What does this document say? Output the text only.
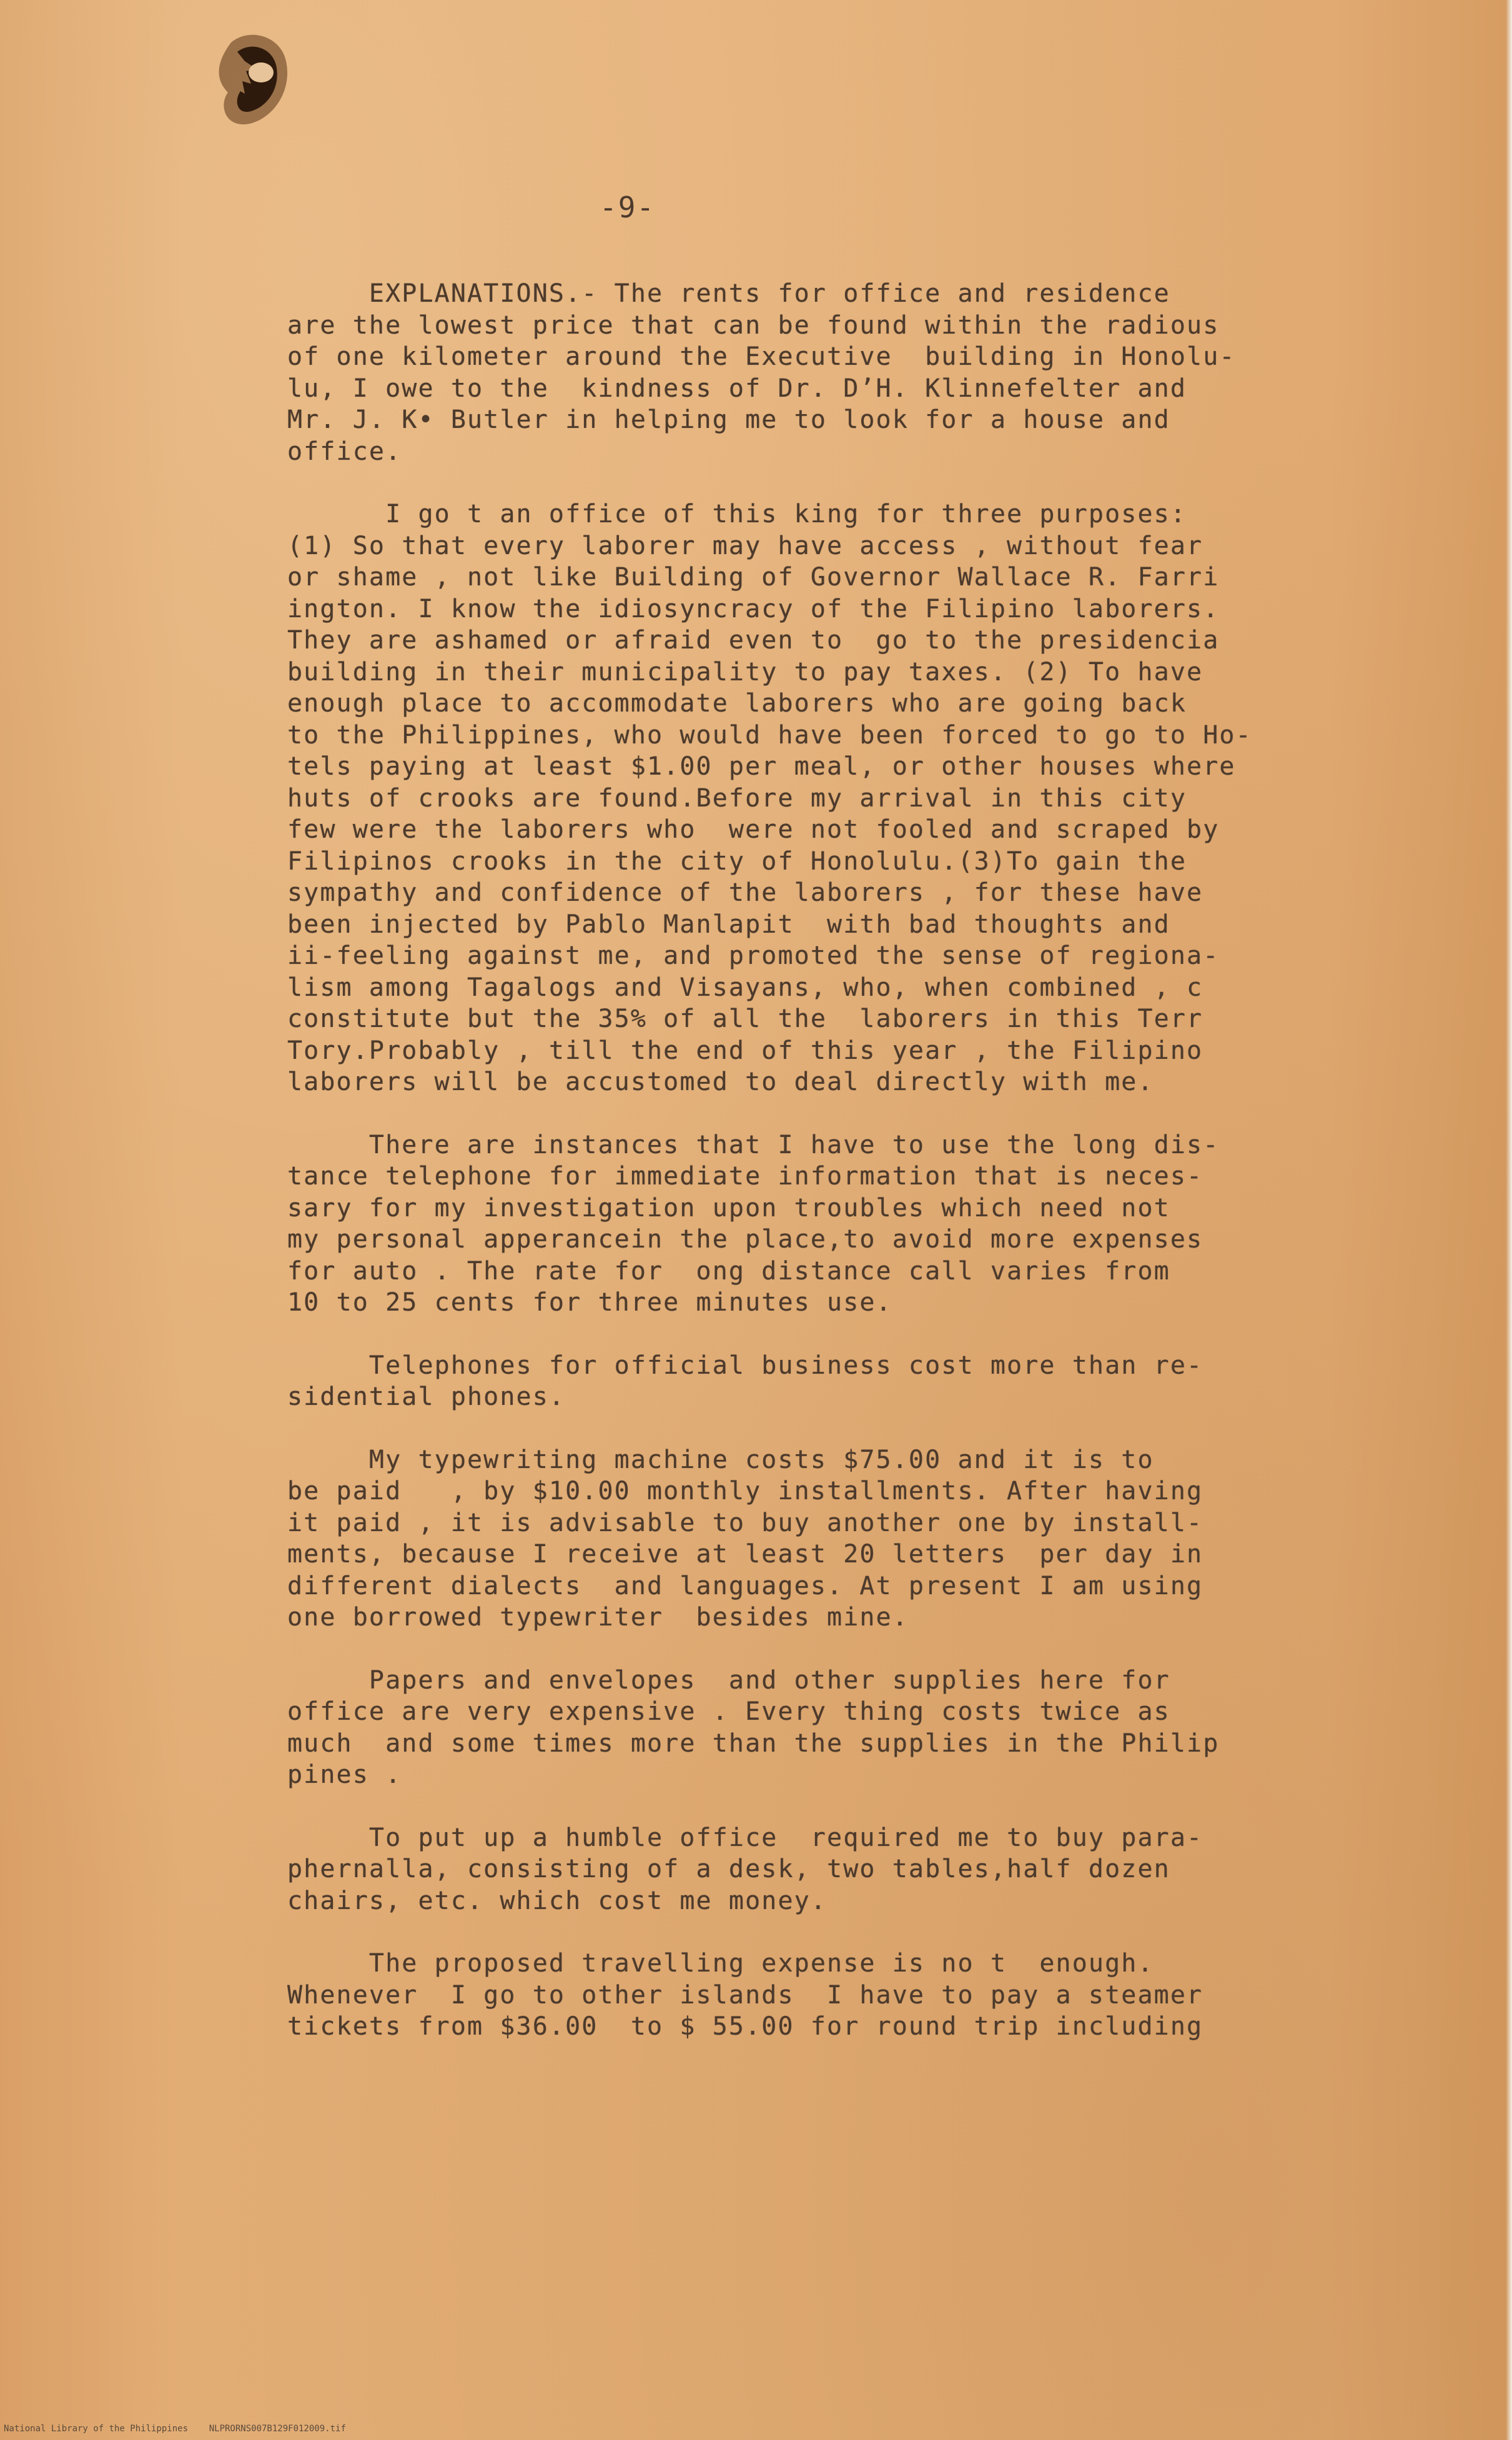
-9-
EXPLANATIONS.- The rents for office and residence
are the lowest price that can be found within the radious
of one kilometer around the Executive  building in Honolu-
lu, I owe to the  kindness of Dr. DʼH. Klinnefelter and
Mr. J. K• Butler in helping me to look for a house and
office.
I go t an office of this king for three purposes:
(1) So that every laborer may have access , without fear
or shame , not like Building of Governor Wallace R. Farri
ington. I know the idiosyncracy of the Filipino laborers.
They are ashamed or afraid even to  go to the presidencia
building in their municipality to pay taxes. (2) To have
enough place to accommodate laborers who are going back
to the Philippines, who would have been forced to go to Ho-
tels paying at least $1.00 per meal, or other houses where
huts of crooks are found.Before my arrival in this city
few were the laborers who  were not fooled and scraped by
Filipinos crooks in the city of Honolulu.(3)To gain the
sympathy and confidence of the laborers , for these have
been injected by Pablo Manlapit  with bad thoughts and
ii-feeling against me, and promoted the sense of regiona-
lism among Tagalogs and Visayans, who, when combined , c
constitute but the 35% of all the  laborers in this Terr
Tory.Probably , till the end of this year , the Filipino
laborers will be accustomed to deal directly with me.
There are instances that I have to use the long dis-
tance telephone for immediate information that is neces-
sary for my investigation upon troubles which need not
my personal apperancein the place,to avoid more expenses
for auto . The rate for  ong distance call varies from
10 to 25 cents for three minutes use.
Telephones for official business cost more than re-
sidential phones.
My typewriting machine costs $75.00 and it is to
be paid   , by $10.00 monthly installments. After having
it paid , it is advisable to buy another one by install-
ments, because I receive at least 20 letters  per day in
different dialects  and languages. At present I am using
one borrowed typewriter  besides mine.
Papers and envelopes  and other supplies here for
office are very expensive . Every thing costs twice as
much  and some times more than the supplies in the Philip
pines .
To put up a humble office  required me to buy para-
phernalla, consisting of a desk, two tables,half dozen
chairs, etc. which cost me money.
The proposed travelling expense is no t  enough.
Whenever  I go to other islands  I have to pay a steamer
tickets from $36.00  to $ 55.00 for round trip including
National Library of the Philippines    NLPRORNS007B129F012009.tif
